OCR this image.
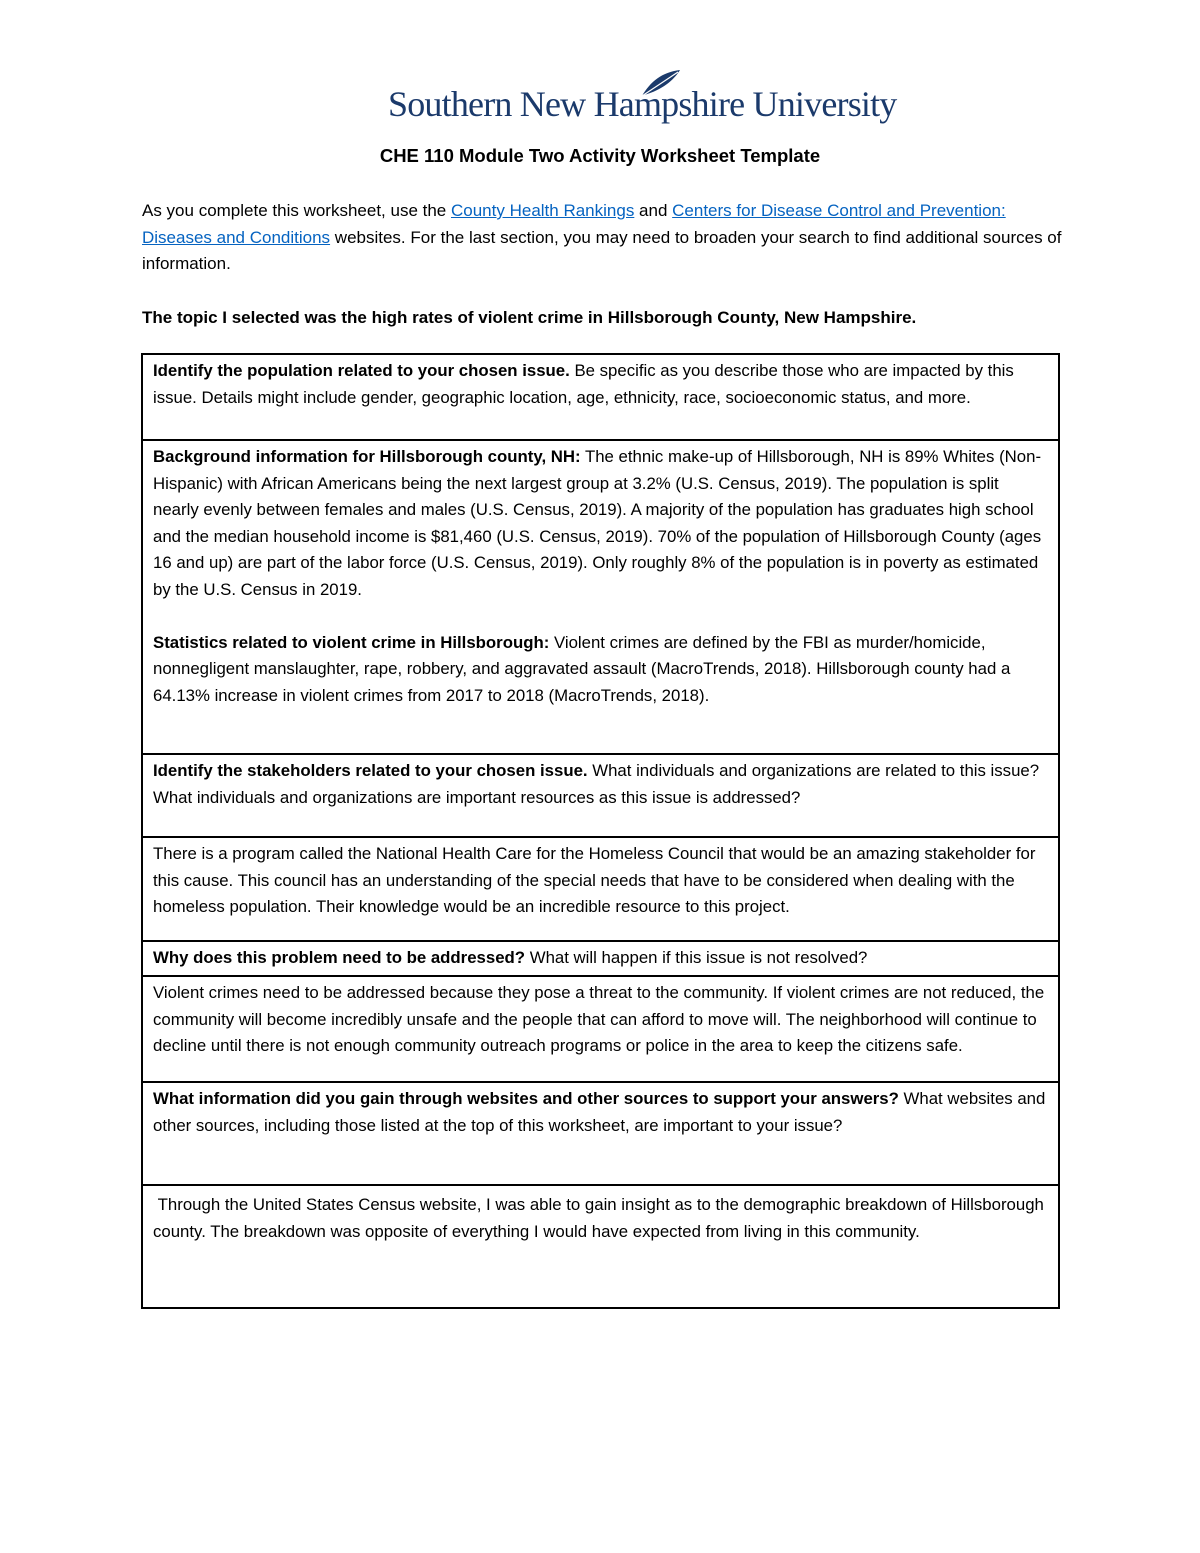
Southern New Hampshire University
CHE 110 Module Two Activity Worksheet Template

As you complete this worksheet, use the County Health Rankings and Centers for Disease Control and Prevention: Diseases and Conditions websites. For the last section, you may need to broaden your search to find additional sources of information.

The topic I selected was the high rates of violent crime in Hillsborough County, New Hampshire.

Identify the population related to your chosen issue. Be specific as you describe those who are impacted by this issue. Details might include gender, geographic location, age, ethnicity, race, socioeconomic status, and more.

Background information for Hillsborough county, NH: The ethnic make-up of Hillsborough, NH is 89% Whites (Non-Hispanic) with African Americans being the next largest group at 3.2% (U.S. Census, 2019). The population is split nearly evenly between females and males (U.S. Census, 2019). A majority of the population has graduates high school and the median household income is $81,460 (U.S. Census, 2019). 70% of the population of Hillsborough County (ages 16 and up) are part of the labor force (U.S. Census, 2019). Only roughly 8% of the population is in poverty as estimated by the U.S. Census in 2019.

Statistics related to violent crime in Hillsborough: Violent crimes are defined by the FBI as murder/homicide, nonnegligent manslaughter, rape, robbery, and aggravated assault (MacroTrends, 2018). Hillsborough county had a 64.13% increase in violent crimes from 2017 to 2018 (MacroTrends, 2018).

Identify the stakeholders related to your chosen issue. What individuals and organizations are related to this issue? What individuals and organizations are important resources as this issue is addressed?
There is a program called the National Health Care for the Homeless Council that would be an amazing stakeholder for this cause. This council has an understanding of the special needs that have to be considered when dealing with the homeless population. Their knowledge would be an incredible resource to this project.
Why does this problem need to be addressed? What will happen if this issue is not resolved?
Violent crimes need to be addressed because they pose a threat to the community. If violent crimes are not reduced, the community will become incredibly unsafe and the people that can afford to move will. The neighborhood will continue to decline until there is not enough community outreach programs or police in the area to keep the citizens safe.
What information did you gain through websites and other sources to support your answers? What websites and other sources, including those listed at the top of this worksheet, are important to your issue?
Through the United States Census website, I was able to gain insight as to the demographic breakdown of Hillsborough county. The breakdown was opposite of everything I would have expected from living in this community.
